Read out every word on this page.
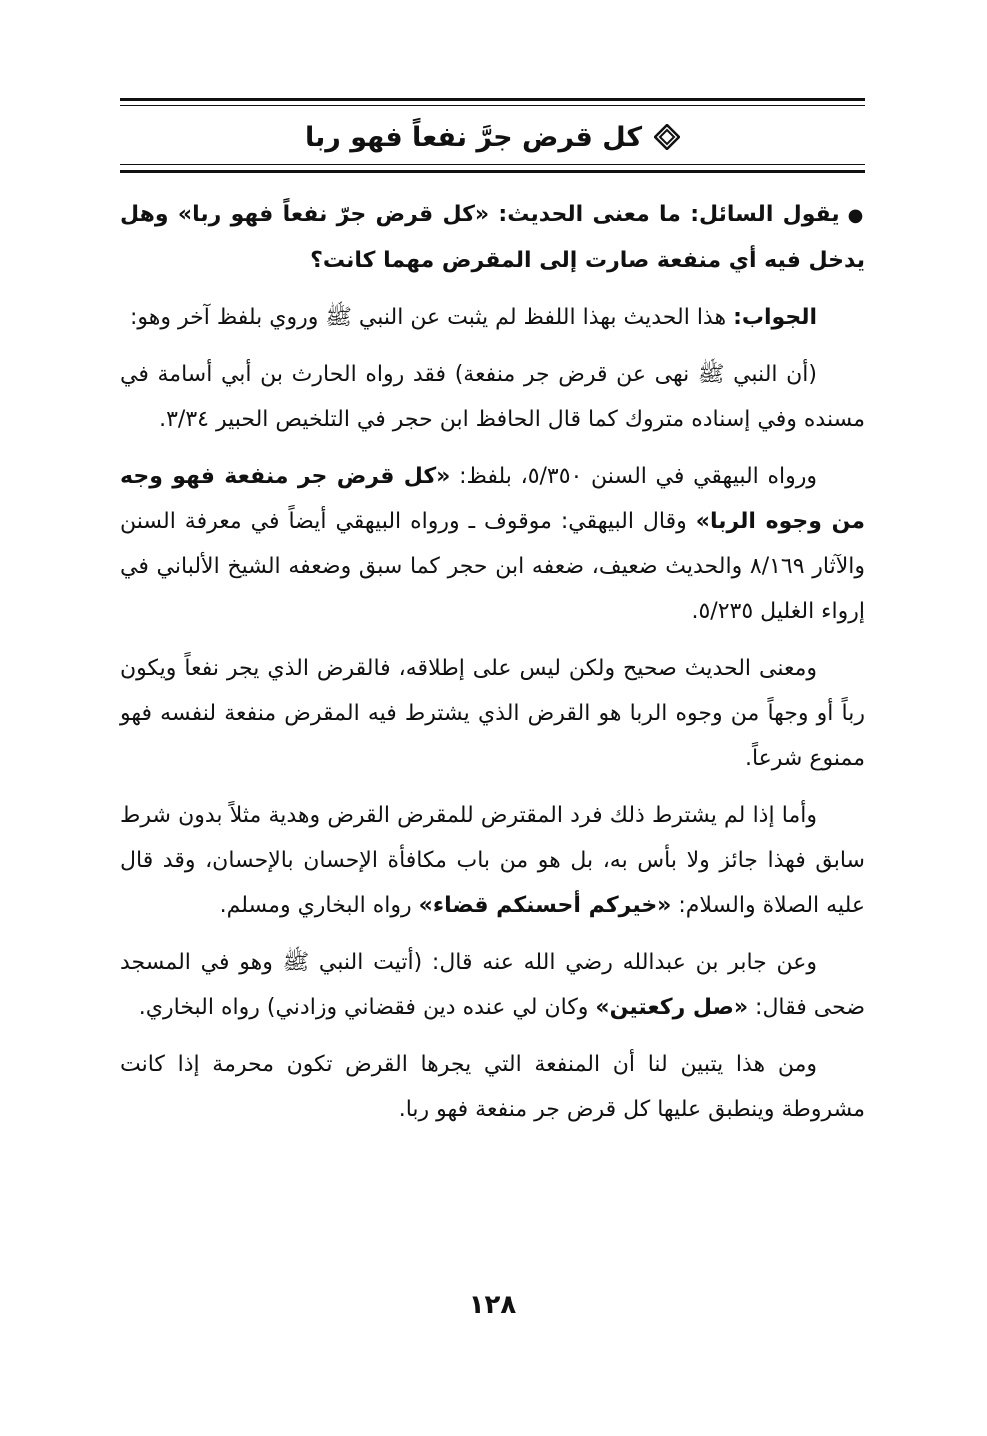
كل قرض جرَّ نفعاً فهو ربا

●يقول السائل: ما معنى الحديث: «كل قرض جرّ نفعاً فهو ربا» وهل يدخل فيه أي منفعة صارت إلى المقرض مهما كانت؟

الجواب: هذا الحديث بهذا اللفظ لم يثبت عن النبي ﷺ وروي بلفظ آخر وهو:

(أن النبي ﷺ نهى عن قرض جر منفعة) فقد رواه الحارث بن أبي أسامة في مسنده وفي إسناده متروك كما قال الحافظ ابن حجر في التلخيص الحبير ٣/٣٤.

ورواه البيهقي في السنن ٥/٣٥٠، بلفظ: «كل قرض جر منفعة فهو وجه من وجوه الربا» وقال البيهقي: موقوف ـ ورواه البيهقي أيضاً في معرفة السنن والآثار ٨/١٦٩ والحديث ضعيف، ضعفه ابن حجر كما سبق وضعفه الشيخ الألباني في إرواء الغليل ٥/٢٣٥.

ومعنى الحديث صحيح ولكن ليس على إطلاقه، فالقرض الذي يجر نفعاً ويكون رباً أو وجهاً من وجوه الربا هو القرض الذي يشترط فيه المقرض منفعة لنفسه فهو ممنوع شرعاً.

وأما إذا لم يشترط ذلك فرد المقترض للمقرض القرض وهدية مثلاً بدون شرط سابق فهذا جائز ولا بأس به، بل هو من باب مكافأة الإحسان بالإحسان، وقد قال عليه الصلاة والسلام: «خيركم أحسنكم قضاء» رواه البخاري ومسلم.

وعن جابر بن عبدالله رضي الله عنه قال: (أتيت النبي ﷺ وهو في المسجد ضحى فقال: «صل ركعتين» وكان لي عنده دين فقضاني وزادني) رواه البخاري.

ومن هذا يتبين لنا أن المنفعة التي يجرها القرض تكون محرمة إذا كانت مشروطة وينطبق عليها كل قرض جر منفعة فهو ربا.

١٢٨
